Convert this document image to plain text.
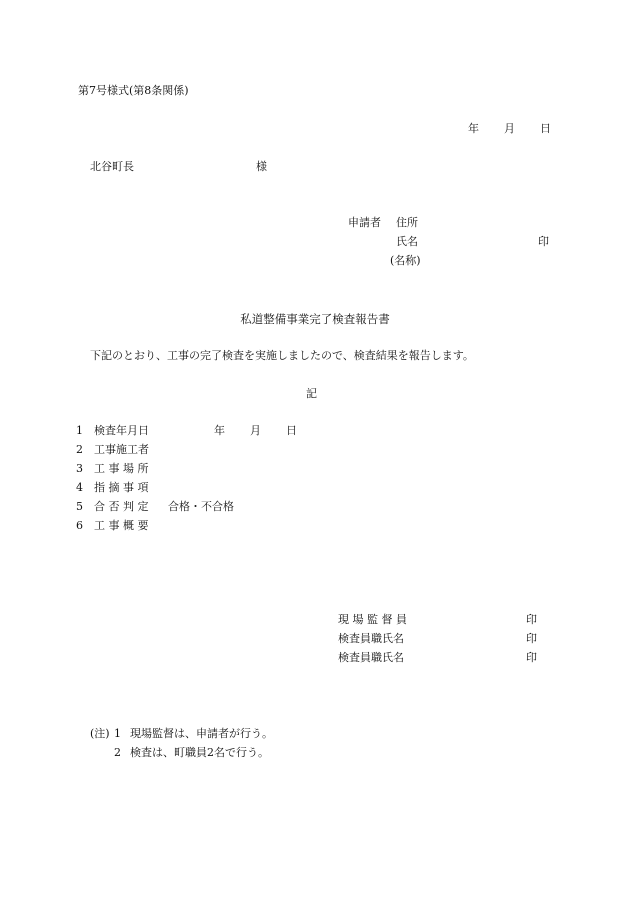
第7号様式(第8条関係)
年 月 日
北谷町長	様
申請者 住所
氏名	印
(名称)
私道整備事業完了検査報告書
下記のとおり、工事の完了検査を実施しましたので、検査結果を報告します。
記
1 検査年月日	年 月 日
2 工事施工者
3 工 事 場 所
4 指 摘 事 項
5 合 否 判 定 合格・不合格
6 工 事 概 要
現 場 監 督 員	印
検査員職氏名	印
検査員職氏名	印
(注) 1 現場監督は、申請者が行う。
2 検査は、町職員2名で行う。
